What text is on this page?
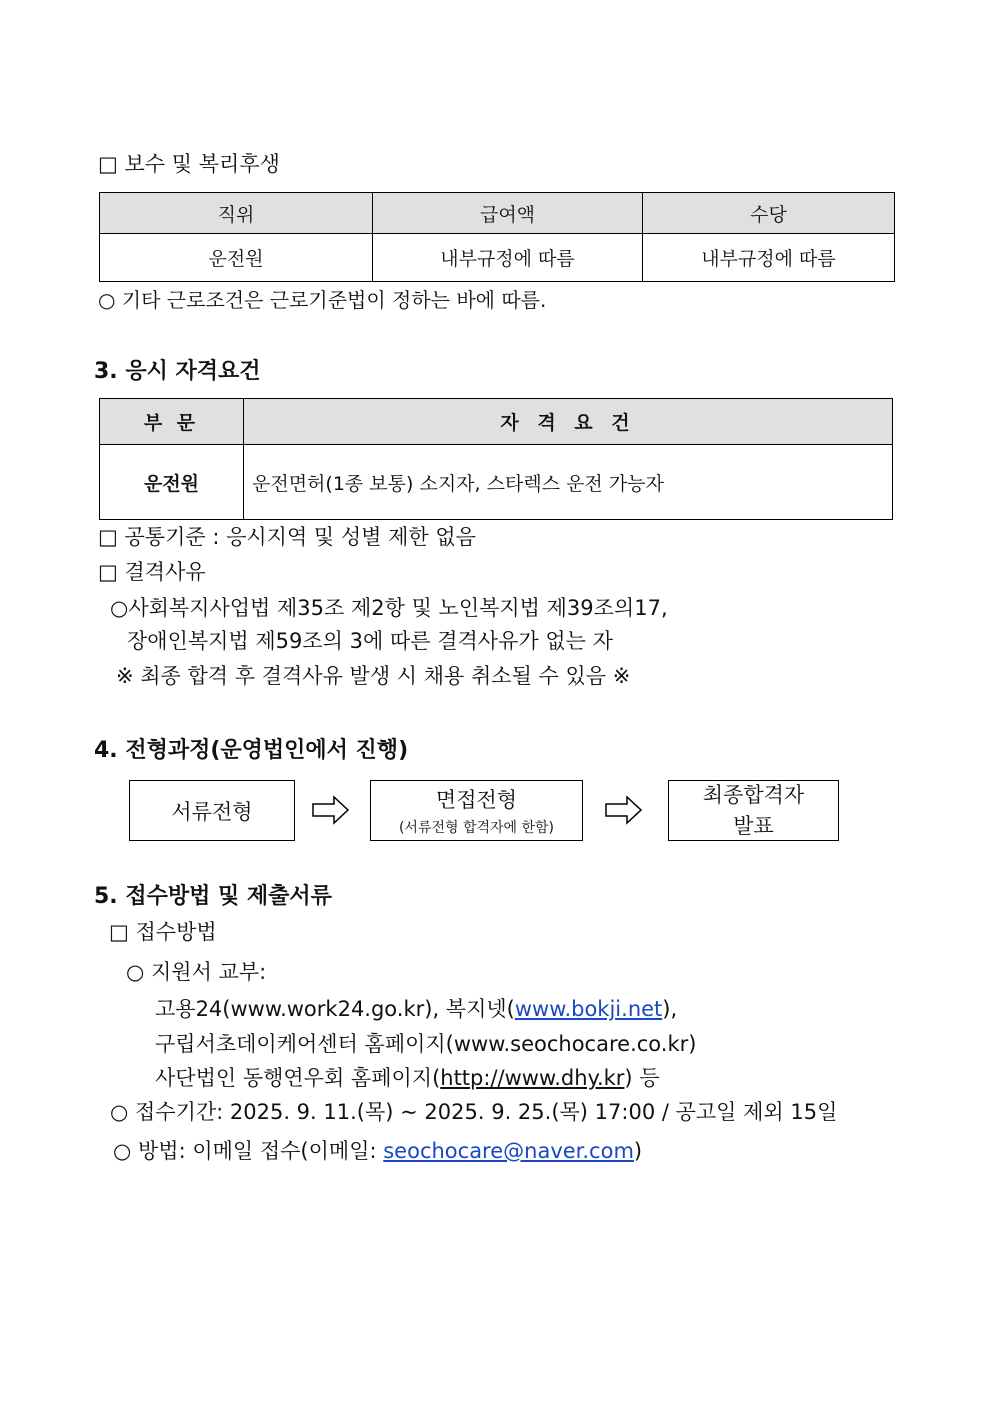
□ 보수 및 복리후생
직위	급여액	수당
운전원	내부규정에 따름	내부규정에 따름
○ 기타 근로조건은 근로기준법이 정하는 바에 따름.
3. 응시 자격요건
부 문	자 격 요 건
운전원	운전면허(1종 보통) 소지자, 스타렉스 운전 가능자
□ 공통기준 : 응시지역 및 성별 제한 없음
□ 결격사유
○사회복지사업법 제35조 제2항 및 노인복지법 제39조의17,
장애인복지법 제59조의 3에 따른 결격사유가 없는 자
※ 최종 합격 후 결격사유 발생 시 채용 취소될 수 있음 ※
4. 전형과정(운영법인에서 진행)
서류전형	면접전형
(서류전형 합격자에 한함)
최종합격자
발표
5. 접수방법 및 제출서류
□ 접수방법
○ 지원서 교부:
고용24(www.work24.go.kr), 복지넷(www.bokji.net),
구립서초데이케어센터 홈페이지(www.seochocare.co.kr)
사단법인 동행연우회 홈페이지(http://www.dhy.kr) 등
○ 접수기간: 2025. 9. 11.(목) ~ 2025. 9. 25.(목) 17:00 / 공고일 제외 15일
○ 방법: 이메일 접수(이메일: seochocare@naver.com)
